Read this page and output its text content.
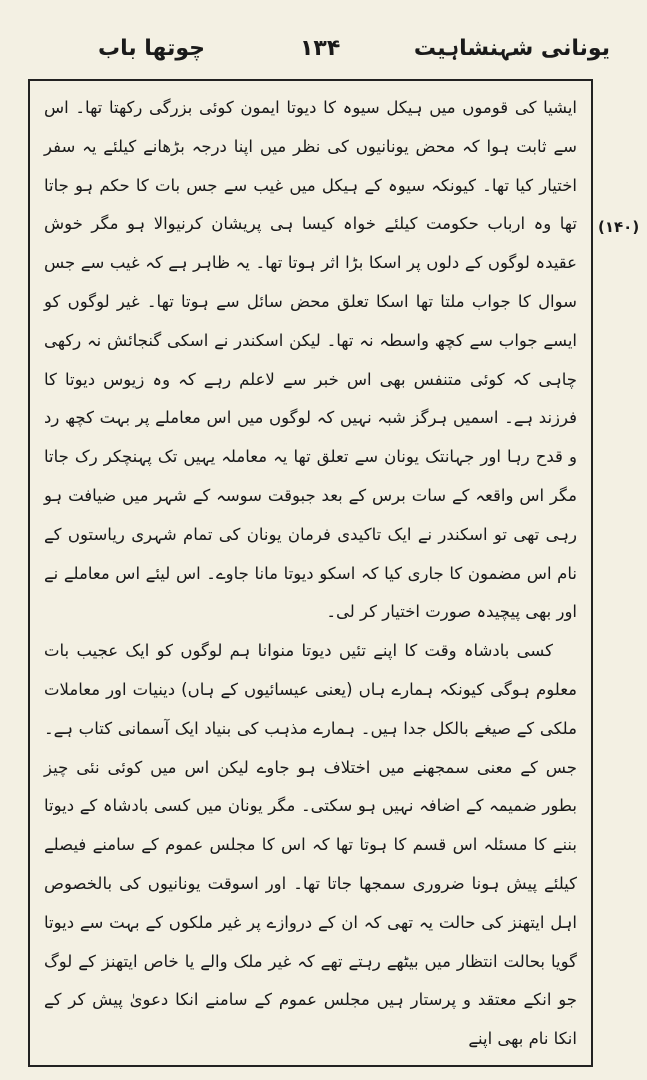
چوتھا باب	۱۳۴	یونانی شہنشاہیت

ایشیا کی قوموں میں ہیکل سیوہ کا دیوتا ایمون کوئی بزرگی رکھتا تھا۔ اس سے ثابت ہوا کہ محض یونانیوں کی نظر میں اپنا درجہ بڑھانے کیلئے یہ سفر اختیار کیا تھا۔ کیونکہ سیوہ کے ہیکل میں غیب سے جس بات کا حکم ہو جاتا تھا وہ ارباب حکومت کیلئے خواہ کیسا ہی پریشان کرنیوالا ہو مگر خوش عقیدہ لوگوں کے دلوں پر اسکا بڑا اثر ہوتا تھا۔ یہ ظاہر ہے کہ غیب سے جس سوال کا جواب ملتا تھا اسکا تعلق محض سائل سے ہوتا تھا۔ غیر لوگوں کو ایسے جواب سے کچھ واسطہ نہ تھا۔ لیکن اسکندر نے اسکی گنجائش نہ رکھی چاہی کہ کوئی متنفس بھی اس خبر سے لاعلم رہے کہ وہ زیوس دیوتا کا فرزند ہے۔ اسمیں ہرگز شبہ نہیں کہ لوگوں میں اس معاملے پر بہت کچھ رد و قدح رہا اور جہانتک یونان سے تعلق تھا یہ معاملہ یہیں تک پہنچکر رک جاتا مگر اس واقعہ کے سات برس کے بعد جبوقت سوسہ کے شہر میں ضیافت ہو رہی تھی تو اسکندر نے ایک تاکیدی فرمان یونان کی تمام شہری ریاستوں کے نام اس مضمون کا جاری کیا کہ اسکو دیوتا مانا جاوے۔ اس لیئے اس معاملے نے اور بھی پیچیدہ صورت اختیار کر لی۔

کسی بادشاہ وقت کا اپنے تئیں دیوتا منوانا ہم لوگوں کو ایک عجیب بات معلوم ہوگی کیونکہ ہمارے ہاں (یعنی عیسائیوں کے ہاں) دینیات اور معاملات ملکی کے صیغے بالکل جدا ہیں۔ ہمارے مذہب کی بنیاد ایک آسمانی کتاب ہے۔ جس کے معنی سمجھنے میں اختلاف ہو جاوے لیکن اس میں کوئی نئی چیز بطور ضمیمہ کے اضافہ نہیں ہو سکتی۔ مگر یونان میں کسی بادشاہ کے دیوتا بننے کا مسئلہ اس قسم کا ہوتا تھا کہ اس کا مجلس عموم کے سامنے فیصلے کیلئے پیش ہونا ضروری سمجھا جاتا تھا۔ اور اسوقت یونانیوں کی بالخصوص اہل ایتھنز کی حالت یہ تھی کہ ان کے دروازے پر غیر ملکوں کے بہت سے دیوتا گویا بحالت انتظار میں بیٹھے رہتے تھے کہ غیر ملک والے یا خاص ایتھنز کے لوگ جو انکے معتقد و پرستار ہیں مجلس عموم کے سامنے انکا دعویٰ پیش کر کے انکا نام بھی اپنے

(۱۴۰)
